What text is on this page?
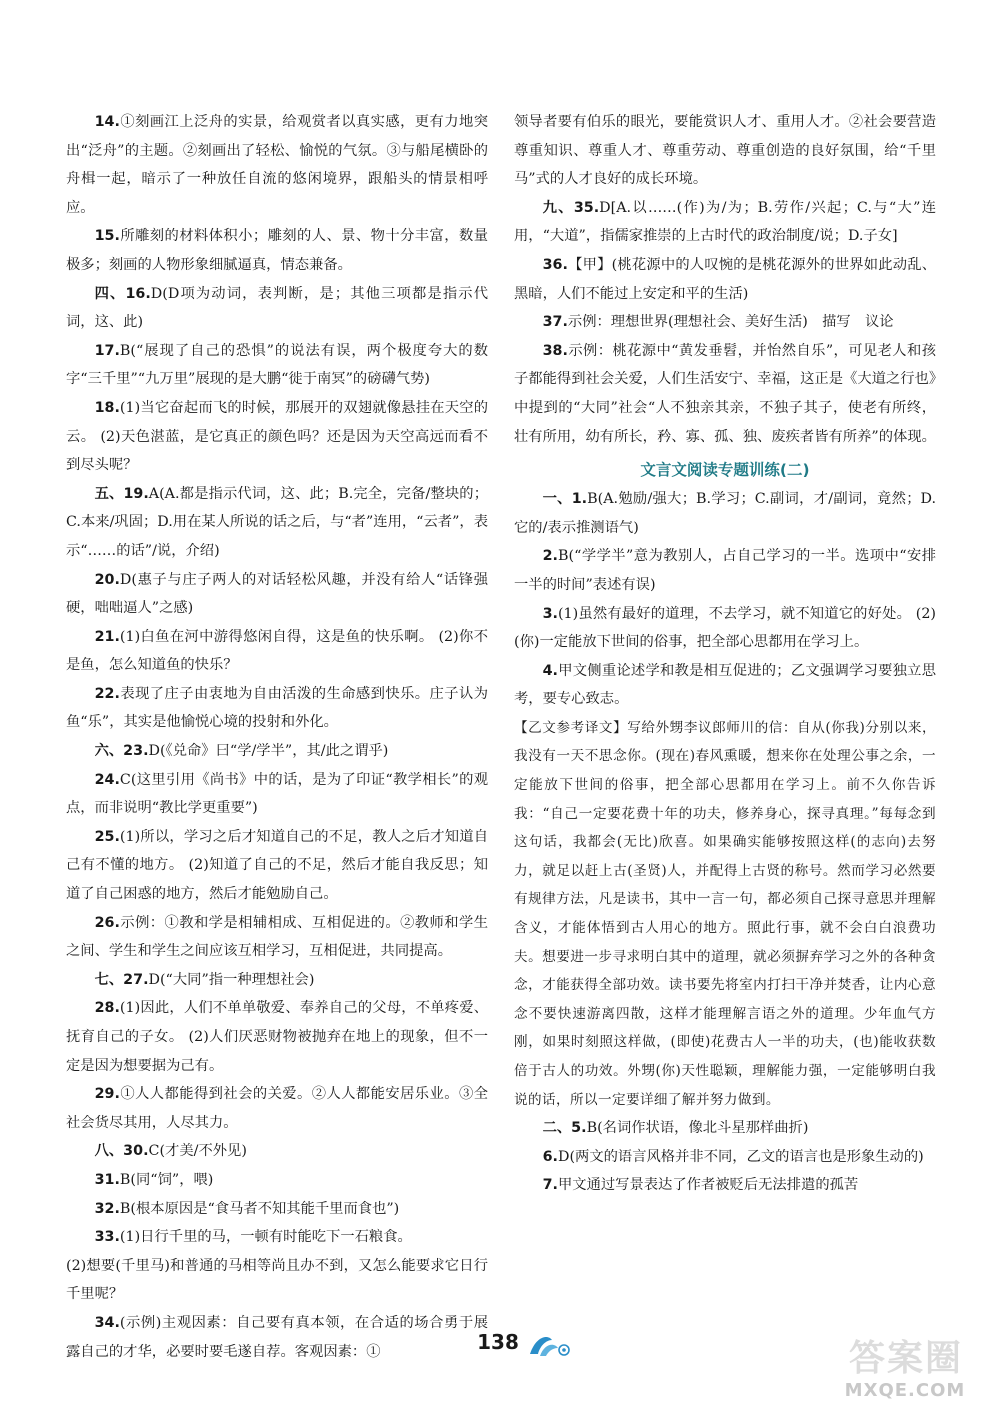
14.①刻画江上泛舟的实景，给观赏者以真实感，更有力地突出“泛舟”的主题。②刻画出了轻松、愉悦的气氛。③与船尾横卧的舟楫一起，暗示了一种放任自流的悠闲境界，跟船头的情景相呼应。

15.所雕刻的材料体积小；雕刻的人、景、物十分丰富，数量极多；刻画的人物形象细腻逼真，情态兼备。

四、16.D(D项为动词，表判断，是；其他三项都是指示代词，这、此)

17.B(“展现了自己的恐惧”的说法有误，两个极度夸大的数字“三千里”“九万里”展现的是大鹏“徙于南冥”的磅礴气势)

18.(1)当它奋起而飞的时候，那展开的双翅就像悬挂在天空的云。 (2)天色湛蓝，是它真正的颜色吗？还是因为天空高远而看不到尽头呢？

五、19.A(A.都是指示代词，这、此；B.完全，完备/整块的；C.本来/巩固；D.用在某人所说的话之后，与“者”连用，“云者”，表示“……的话”/说，介绍)

20.D(惠子与庄子两人的对话轻松风趣，并没有给人“话锋强硬，咄咄逼人”之感)

21.(1)白鱼在河中游得悠闲自得，这是鱼的快乐啊。 (2)你不是鱼，怎么知道鱼的快乐？

22.表现了庄子由衷地为自由活泼的生命感到快乐。庄子认为鱼“乐”，其实是他愉悦心境的投射和外化。

六、23.D(《兑命》曰“学/学半”，其/此之谓乎)

24.C(这里引用《尚书》中的话，是为了印证“教学相长”的观点，而非说明“教比学更重要”)

25.(1)所以，学习之后才知道自己的不足，教人之后才知道自己有不懂的地方。 (2)知道了自己的不足，然后才能自我反思；知道了自己困惑的地方，然后才能勉励自己。

26.示例：①教和学是相辅相成、互相促进的。②教师和学生之间、学生和学生之间应该互相学习，互相促进，共同提高。

七、27.D(“大同”指一种理想社会)

28.(1)因此，人们不单单敬爱、奉养自己的父母，不单疼爱、抚育自己的子女。 (2)人们厌恶财物被抛弃在地上的现象，但不一定是因为想要据为己有。

29.①人人都能得到社会的关爱。②人人都能安居乐业。③全社会货尽其用，人尽其力。

八、30.C(才美/不外见)

31.B(同“饲”，喂)

32.B(根本原因是“食马者不知其能千里而食也”)

33.(1)日行千里的马，一顿有时能吃下一石粮食。

(2)想要(千里马)和普通的马相等尚且办不到，又怎么能要求它日行千里呢？

34.(示例)主观因素：自己要有真本领，在合适的场合勇于展露自己的才华，必要时要毛遂自荐。客观因素：①

领导者要有伯乐的眼光，要能赏识人才、重用人才。②社会要营造尊重知识、尊重人才、尊重劳动、尊重创造的良好氛围，给“千里马”式的人才良好的成长环境。

九、35.D[A.以……(作)为/为；B.劳作/兴起；C.与“大”连用，“大道”，指儒家推崇的上古时代的政治制度/说；D.子女]

36.【甲】(桃花源中的人叹惋的是桃花源外的世界如此动乱、黑暗，人们不能过上安定和平的生活)

37.示例：理想世界(理想社会、美好生活)　描写　议论

38.示例：桃花源中“黄发垂髫，并怡然自乐”，可见老人和孩子都能得到社会关爱，人们生活安宁、幸福，这正是《大道之行也》中提到的“大同”社会“人不独亲其亲，不独子其子，使老有所终，壮有所用，幼有所长，矜、寡、孤、独、废疾者皆有所养”的体现。

文言文阅读专题训练(二)

一、1.B(A.勉励/强大；B.学习；C.副词，才/副词，竟然；D.它的/表示推测语气)

2.B(“学学半”意为教别人，占自己学习的一半。选项中“安排一半的时间”表述有误)

3.(1)虽然有最好的道理，不去学习，就不知道它的好处。 (2)(你)一定能放下世间的俗事，把全部心思都用在学习上。

4.甲文侧重论述学和教是相互促进的；乙文强调学习要独立思考，要专心致志。

【乙文参考译文】写给外甥李议郎师川的信：自从(你我)分别以来，我没有一天不思念你。(现在)春风熏暖，想来你在处理公事之余，一定能放下世间的俗事，把全部心思都用在学习上。前不久你告诉我：“自己一定要花费十年的功夫，修养身心，探寻真理。”每每念到这句话，我都会(无比)欣喜。如果确实能够按照这样(的志向)去努力，就足以赶上古(圣贤)人，并配得上古贤的称号。然而学习必然要有规律方法，凡是读书，其中一言一句，都必须自己探寻意思并理解含义，才能体悟到古人用心的地方。照此行事，就不会白白浪费功夫。想要进一步寻求明白其中的道理，就必须摒弃学习之外的各种贪念，才能获得全部功效。读书要先将室内打扫干净并焚香，让内心意念不要快速游离四散，这样才能理解言语之外的道理。少年血气方刚，如果时刻照这样做，(即使)花费古人一半的功夫，(也)能收获数倍于古人的功效。外甥(你)天性聪颖，理解能力强，一定能够明白我说的话，所以一定要详细了解并努力做到。

二、5.B(名词作状语，像北斗星那样曲折)

6.D(两文的语言风格并非不同，乙文的语言也是形象生动的)

7.甲文通过写景表达了作者被贬后无法排遣的孤苦

138	答案圈
MXQE.COM
